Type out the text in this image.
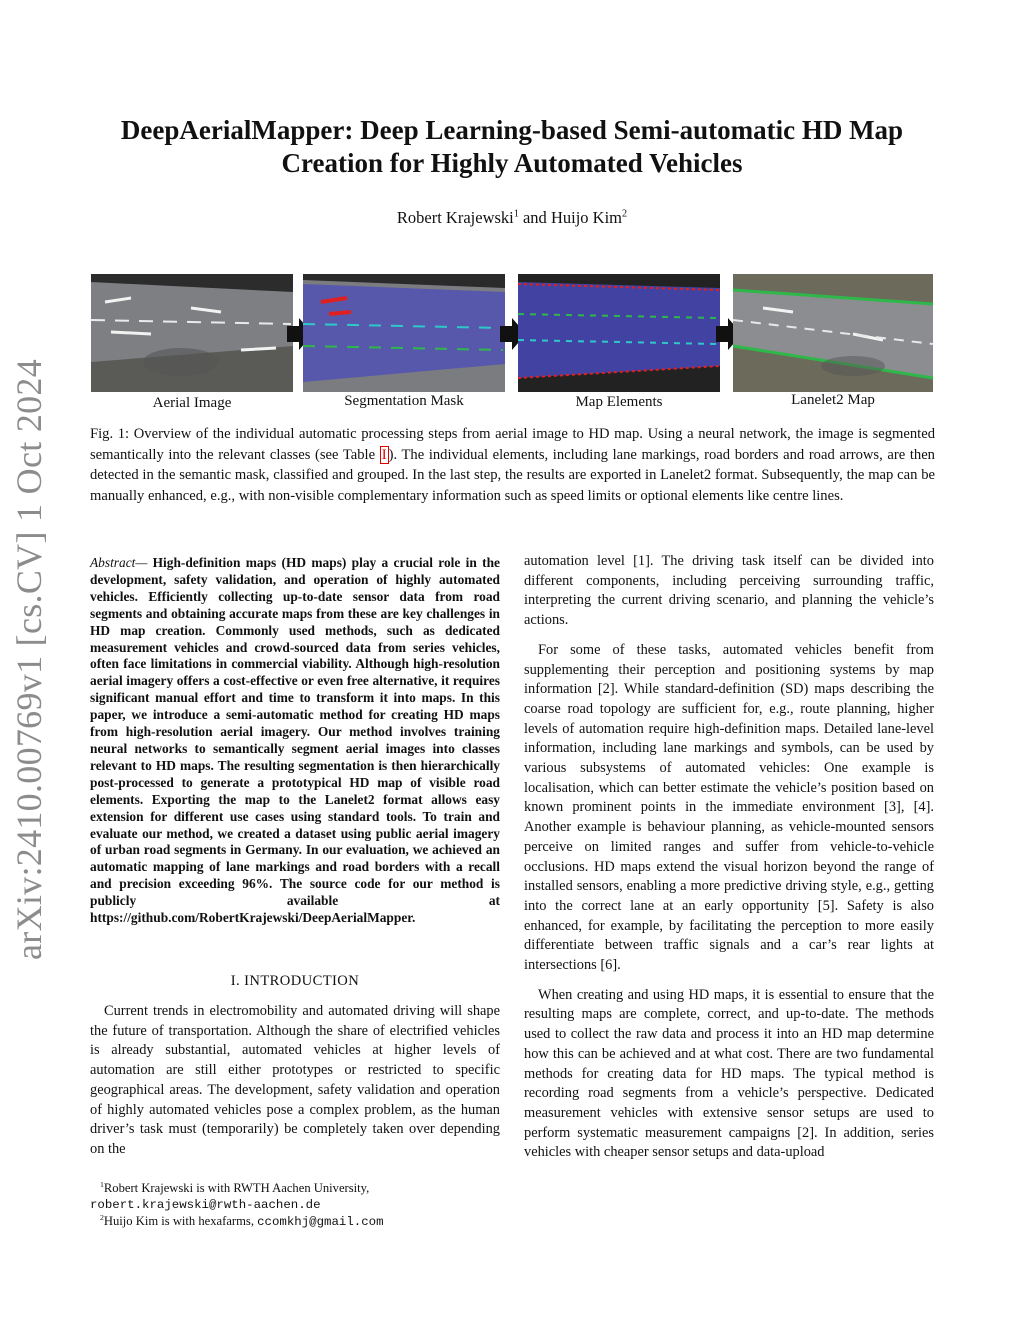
arXiv:2410.00769v1 [cs.CV] 1 Oct 2024
DeepAerialMapper: Deep Learning-based Semi-automatic HD Map
Creation for Highly Automated Vehicles
Robert Krajewski$^1$ and Huijo Kim$^2$
Aerial Image	Segmentation Mask	Map Elements	Lanelet2 Map
Fig. 1: Overview of the individual automatic processing steps from aerial image to HD map. Using a neural network, the image is segmented semantically into the relevant classes (see Table I ). The individual elements, including lane markings, road borders and road arrows, are then detected in the semantic mask, classified and grouped. In the last step, the results are exported in Lanelet2 format. Subsequently, the map can be manually enhanced, e.g., with non-visible complementary information such as speed limits or optional elements like centre lines.
Abstract— High-definition maps (HD maps) play a crucial role in the development, safety validation, and operation of highly automated vehicles. Efficiently collecting up-to-date sensor data from road segments and obtaining accurate maps from these are key challenges in HD map creation. Commonly used methods, such as dedicated measurement vehicles and crowd-sourced data from series vehicles, often face limitations in commercial viability. Although high-resolution aerial imagery offers a cost-effective or even free alternative, it requires significant manual effort and time to transform it into maps. In this paper, we introduce a semi-automatic method for creating HD maps from high-resolution aerial imagery. Our method involves training neural networks to semantically segment aerial images into classes relevant to HD maps. The resulting segmentation is then hierarchically post-processed to generate a prototypical HD map of visible road elements. Exporting the map to the Lanelet2 format allows easy extension for different use cases using standard tools. To train and evaluate our method, we created a dataset using public aerial imagery of urban road segments in Germany. In our evaluation, we achieved an automatic mapping of lane markings and road borders with a recall and precision exceeding 96%. The source code for our method is publicly available at https://github.com/RobertKrajewski/DeepAerialMapper.
I. INTRODUCTION

Current trends in electromobility and automated driving will shape the future of transportation. Although the share of electrified vehicles is already substantial, automated vehicles at higher levels of automation are still either prototypes or restricted to specific geographical areas. The development, safety validation and operation of highly automated vehicles pose a complex problem, as the human driver’s task must (temporarily) be completely taken over depending on the

$^1$Robert Krajewski is with RWTH Aachen University,
robert.krajewski@rwth-aachen.de
$^2$Huijo Kim is with hexafarms, ccomkhj@gmail.com

automation level [1]. The driving task itself can be divided into different components, including perceiving surrounding traffic, interpreting the current driving scenario, and planning the vehicle’s actions.

For some of these tasks, automated vehicles benefit from supplementing their perception and positioning systems by map information [2]. While standard-definition (SD) maps describing the coarse road topology are sufficient for, e.g., route planning, higher levels of automation require high-definition maps. Detailed lane-level information, including lane markings and symbols, can be used by various subsystems of automated vehicles: One example is localisation, which can better estimate the vehicle’s position based on known prominent points in the immediate environment [3], [4]. Another example is behaviour planning, as vehicle-mounted sensors perceive on limited ranges and suffer from vehicle-to-vehicle occlusions. HD maps extend the visual horizon beyond the range of installed sensors, enabling a more predictive driving style, e.g., getting into the correct lane at an early opportunity [5]. Safety is also enhanced, for example, by facilitating the perception to more easily differentiate between traffic signals and a car’s rear lights at intersections [6].

When creating and using HD maps, it is essential to ensure that the resulting maps are complete, correct, and up-to-date. The methods used to collect the raw data and process it into an HD map determine how this can be achieved and at what cost. There are two fundamental methods for creating data for HD maps. The typical method is recording road segments from a vehicle’s perspective. Dedicated measurement vehicles with extensive sensor setups are used to perform systematic measurement campaigns [2]. In addition, series vehicles with cheaper sensor setups and data-upload
